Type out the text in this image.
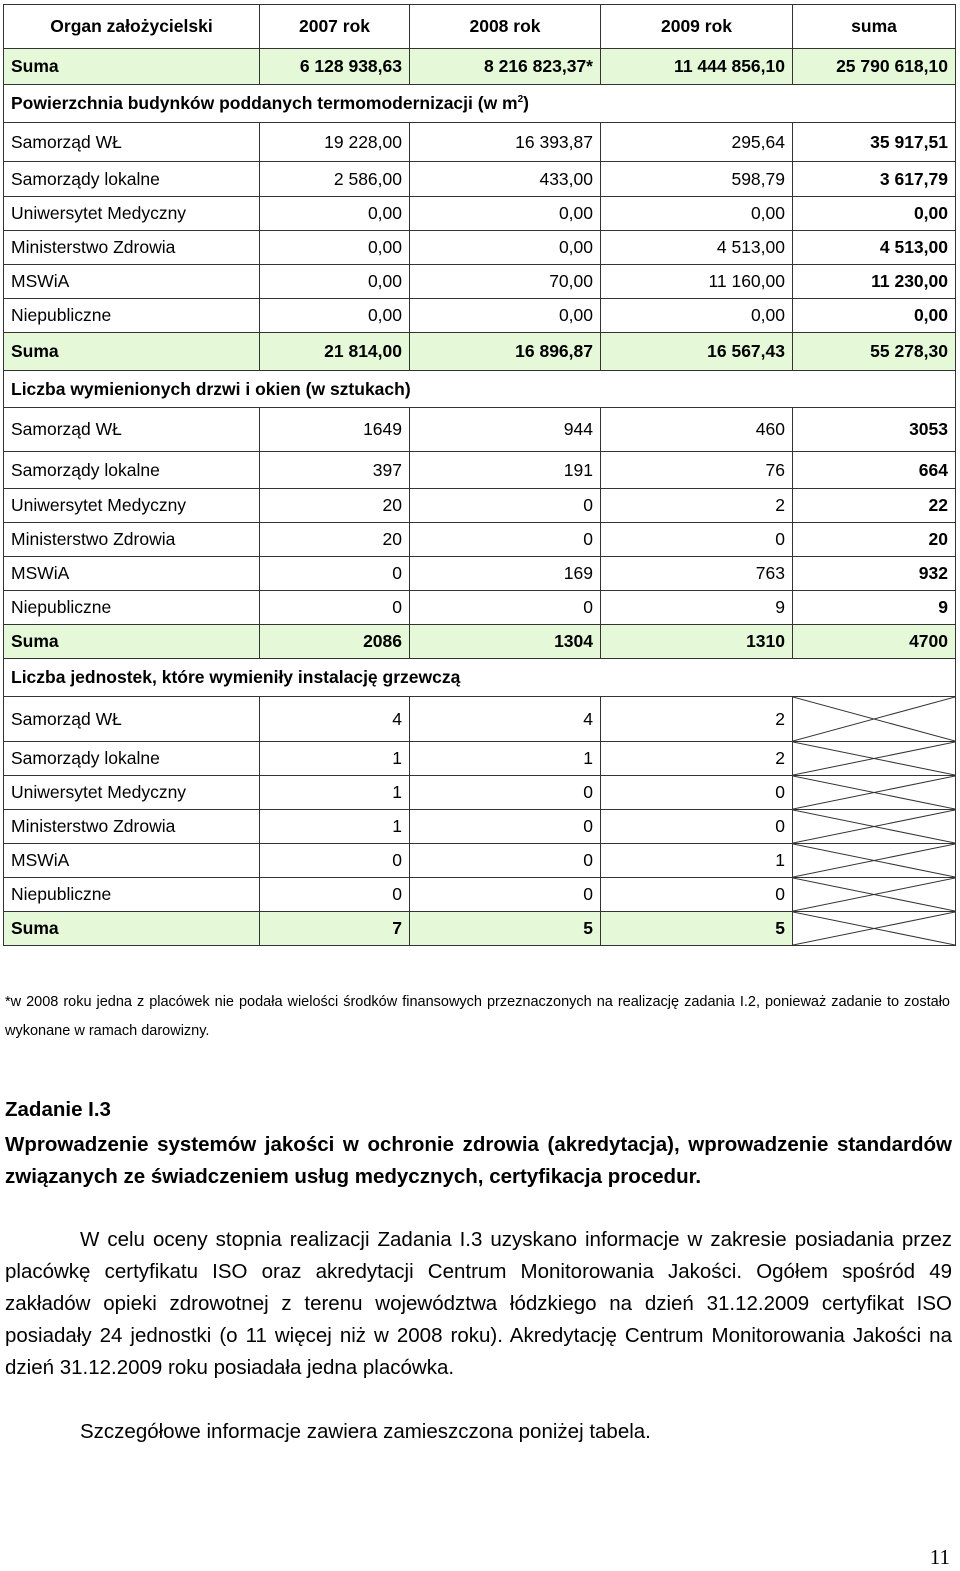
Organ założycielski	2007 rok	2008 rok	2009 rok	suma
Suma	6 128 938,63	8 216 823,37*	11 444 856,10	25 790 618,10
Powierzchnia budynków poddanych termomodernizacji (w $m^2$)				
Samorząd WŁ	19 228,00	16 393,87	295,64	35 917,51
Samorządy lokalne	2 586,00	433,00	598,79	3 617,79
Uniwersytet Medyczny	0,00	0,00	0,00	0,00
Ministerstwo Zdrowia	0,00	0,00	4 513,00	4 513,00
MSWiA	0,00	70,00	11 160,00	11 230,00
Niepubliczne	0,00	0,00	0,00	0,00
Suma	21 814,00	16 896,87	16 567,43	55 278,30
Liczba wymienionych drzwi i okien (w sztukach)				
Samorząd WŁ	1649	944	460	3053
Samorządy lokalne	397	191	76	664
Uniwersytet Medyczny	20	0	2	22
Ministerstwo Zdrowia	20	0	0	20
MSWiA	0	169	763	932
Niepubliczne	0	0	9	9
Suma	2086	1304	1310	4700
Liczba jednostek, które wymieniły instalację grzewczą				
Samorząd WŁ	4	4	2	

Samorządy lokalne	1	1	2	

Uniwersytet Medyczny	1	0	0	

Ministerstwo Zdrowia	1	0	0	

MSWiA	0	0	1	

Niepubliczne	0	0	0	

Suma	7	5	5	
*w 2008 roku jedna z placówek nie podała wielości środków finansowych przeznaczonych na realizację zadania I.2, ponieważ zadanie to zostało wykonane w ramach darowizny.
Zadanie I.3
Wprowadzenie systemów jakości w ochronie zdrowia (akredytacja), wprowadzenie standardów związanych ze świadczeniem usług medycznych, certyfikacja procedur.
W celu oceny stopnia realizacji Zadania I.3 uzyskano informacje w zakresie posiadania przez placówkę certyfikatu ISO oraz akredytacji Centrum Monitorowania Jakości. Ogółem spośród 49 zakładów opieki zdrowotnej z terenu województwa łódzkiego na dzień 31.12.2009 certyfikat ISO posiadały 24 jednostki (o 11 więcej niż w 2008 roku). Akredytację Centrum Monitorowania Jakości na dzień 31.12.2009 roku posiadała jedna placówka.
Szczegółowe informacje zawiera zamieszczona poniżej tabela.
11
